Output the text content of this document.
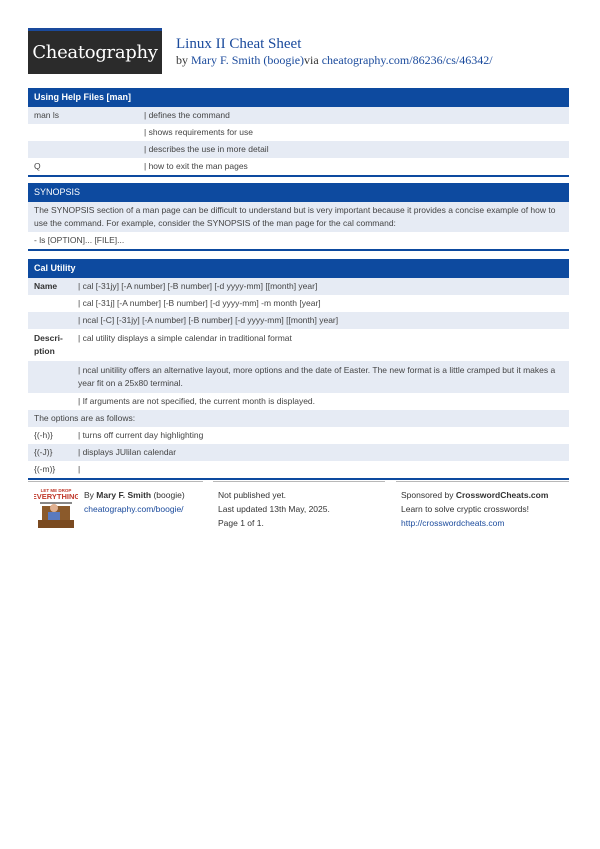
Cheatography Linux II Cheat Sheet
by Mary F. Smith (boogie)via cheatography.com/86236/cs/46342/
Using Help Files [man]
man ls	| defines the command
| shows requirements for use
| describes the use in more detail
Q	| how to exit the man pages
SYNOPSIS
The SYNOPSIS section of a man page can be difficult to understand but is very important because it provides a concise example of how to use the command. For example, consider the SYNOPSIS of the man page for the cal command:
- ls [OPTION]... [FILE]...
Cal Utility
Name	| cal [-31jy] [-A number] [-B number] [-d yyyy-mm] [[month] year]
| cal [-31j] [-A number] [-B number] [-d yyyy-mm] -m month [year]
| ncal [-C] [-31jy] [-A number] [-B number] [-d yyyy-mm] [[month] year]
Descri- ption
| cal utility displays a simple calendar in traditional format
| ncal unitility offers an alternative layout, more options and the date of Easter. The new format is a little cramped but it makes a year fit on a 25x80 terminal.
| If arguments are not specified, the current month is displayed.
The options are as follows:
{(-h)}	| turns off current day highlighting
{(-J)}	| displays JUlilan calendar
{(-m)}	|
LET ME DROP
EVERYTHING By Mary F. Smith (boogie)
cheatography.com/boogie/
Not published yet.
Last updated 13th May, 2025.
Page 1 of 1.
Sponsored by CrosswordCheats.com
Learn to solve cryptic crosswords!
http://crosswordcheats.com
